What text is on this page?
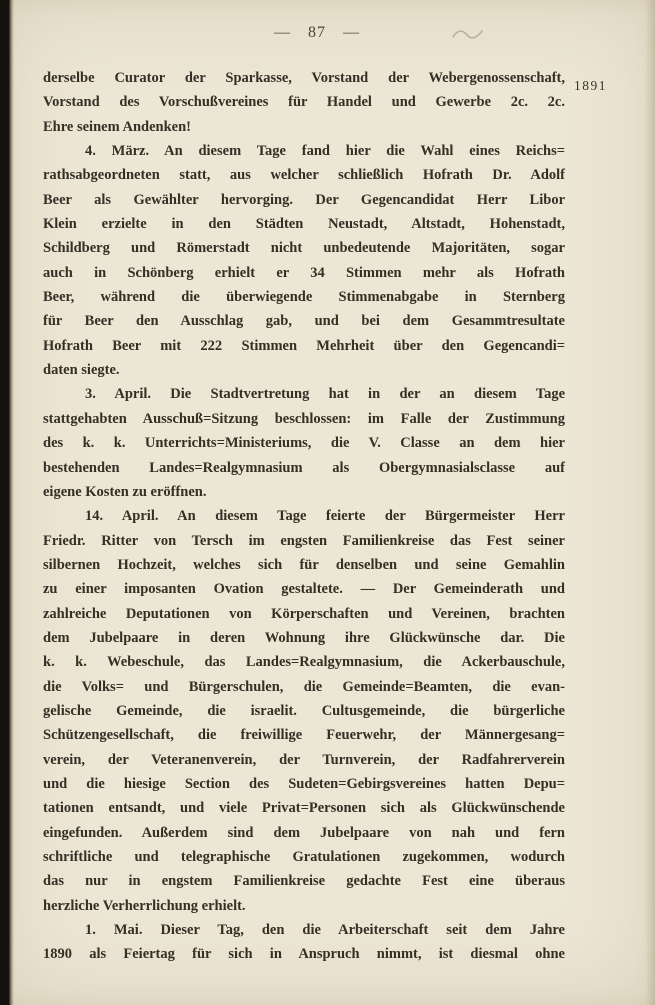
— 87 —
1891
derselbe Curator der Sparkasse, Vorstand der Webergenossenschaft,
Vorstand des Vorschußvereines für Handel und Gewerbe 2c. 2c.
Ehre seinem Andenken!
4. März. An diesem Tage fand hier die Wahl eines Reichs=
rathsabgeordneten statt, aus welcher schließlich Hofrath Dr. Adolf
Beer als Gewählter hervorging. Der Gegencandidat Herr Libor
Klein erzielte in den Städten Neustadt, Altstadt, Hohenstadt,
Schildberg und Römerstadt nicht unbedeutende Majoritäten, sogar
auch in Schönberg erhielt er 34 Stimmen mehr als Hofrath
Beer, während die überwiegende Stimmenabgabe in Sternberg
für Beer den Ausschlag gab, und bei dem Gesammtresultate
Hofrath Beer mit 222 Stimmen Mehrheit über den Gegencandi=
daten siegte.
3. April. Die Stadtvertretung hat in der an diesem Tage
stattgehabten Ausschuß=Sitzung beschlossen: im Falle der Zustimmung
des k. k. Unterrichts=Ministeriums, die V. Classe an dem hier
bestehenden Landes=Realgymnasium als Obergymnasialsclasse auf
eigene Kosten zu eröffnen.
14. April. An diesem Tage feierte der Bürgermeister Herr
Friedr. Ritter von Tersch im engsten Familienkreise das Fest seiner
silbernen Hochzeit, welches sich für denselben und seine Gemahlin
zu einer imposanten Ovation gestaltete. — Der Gemeinderath und
zahlreiche Deputationen von Körperschaften und Vereinen, brachten
dem Jubelpaare in deren Wohnung ihre Glückwünsche dar. Die
k. k. Webeschule, das Landes=Realgymnasium, die Ackerbauschule,
die Volks= und Bürgerschulen, die Gemeinde=Beamten, die evan-
gelische Gemeinde, die israelit. Cultusgemeinde, die bürgerliche
Schützengesellschaft, die freiwillige Feuerwehr, der Männergesang=
verein, der Veteranenverein, der Turnverein, der Radfahrerverein
und die hiesige Section des Sudeten=Gebirgsvereines hatten Depu=
tationen entsandt, und viele Privat=Personen sich als Glückwünschende
eingefunden. Außerdem sind dem Jubelpaare von nah und fern
schriftliche und telegraphische Gratulationen zugekommen, wodurch
das nur in engstem Familienkreise gedachte Fest eine überaus
herzliche Verherrlichung erhielt.
1. Mai. Dieser Tag, den die Arbeiterschaft seit dem Jahre
1890 als Feiertag für sich in Anspruch nimmt, ist diesmal ohne
